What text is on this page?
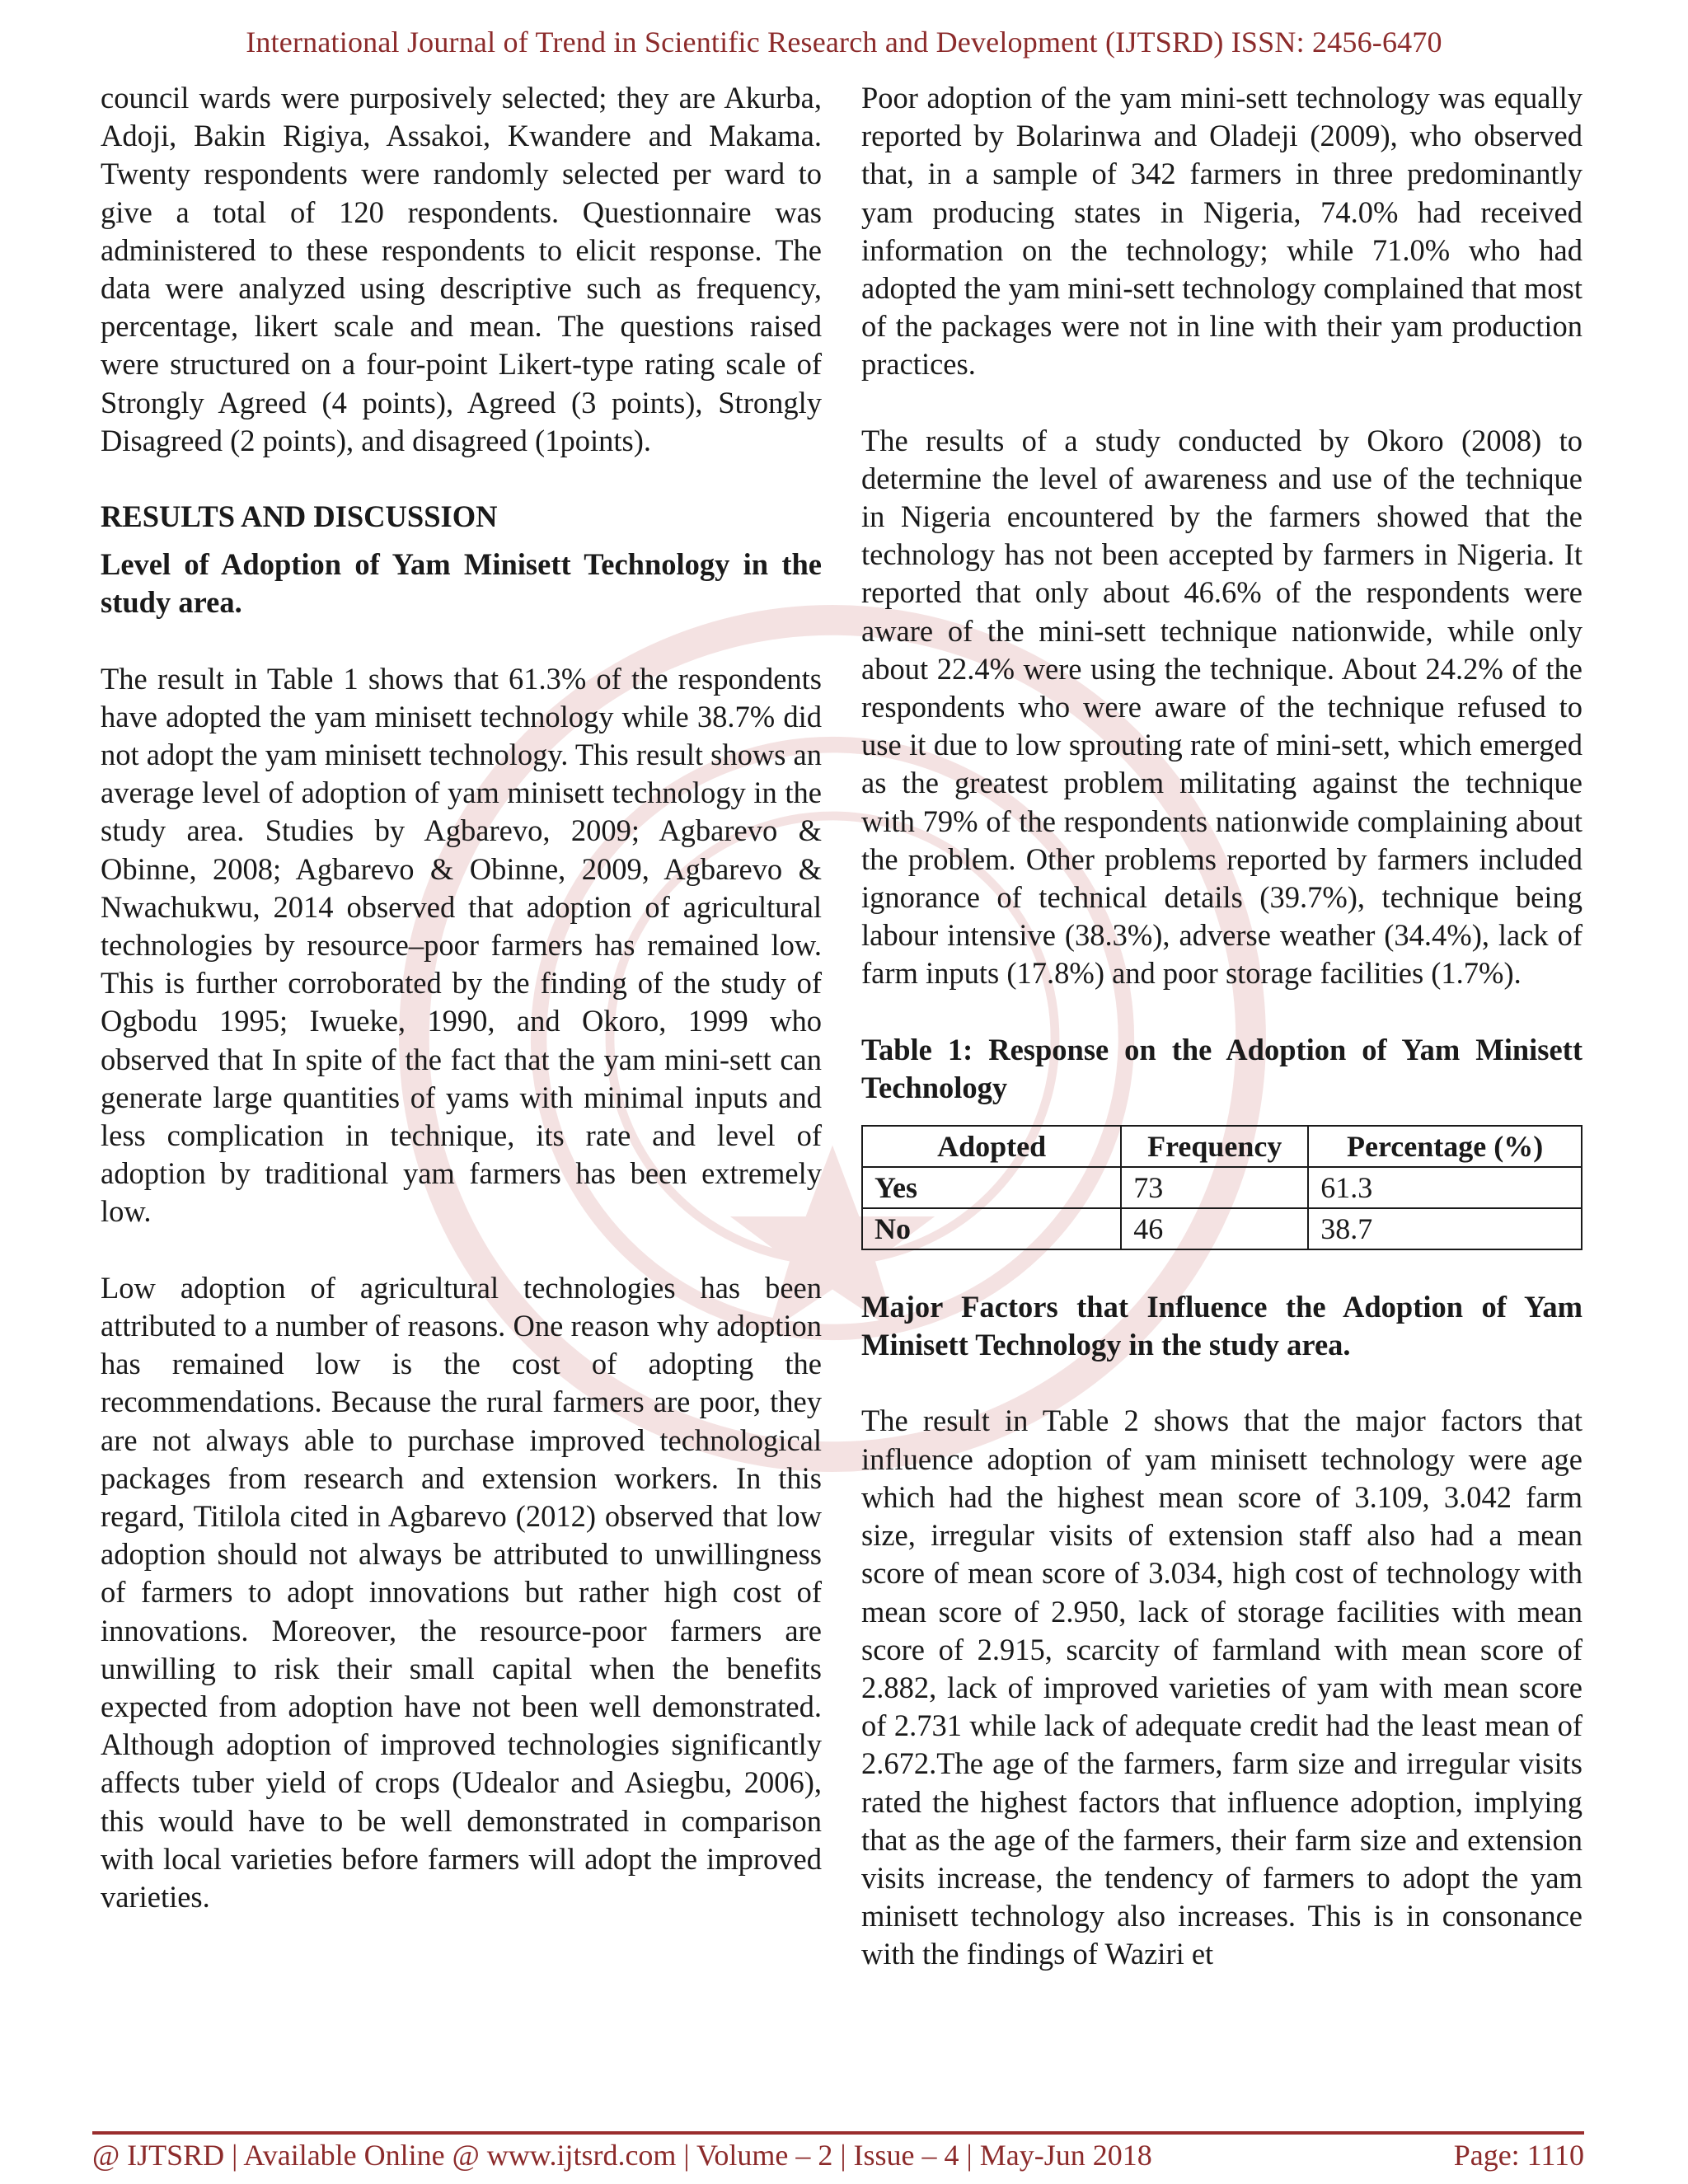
International Journal of Trend in Scientific Research and Development (IJTSRD) ISSN: 2456-6470

council wards were purposively selected; they are Akurba, Adoji, Bakin Rigiya, Assakoi, Kwandere and Makama. Twenty respondents were randomly selected per ward to give a total of 120 respondents. Questionnaire was administered to these respondents to elicit response. The data were analyzed using descriptive such as frequency, percentage, likert scale and mean. The questions raised were structured on a four-point Likert-type rating scale of Strongly Agreed (4 points), Agreed (3 points), Strongly Disagreed (2 points), and disagreed (1points).

RESULTS AND DISCUSSION

Level of Adoption of Yam Minisett Technology in the study area.

The result in Table 1 shows that 61.3% of the respondents have adopted the yam minisett technology while 38.7% did not adopt the yam minisett technology. This result shows an average level of adoption of yam minisett technology in the study area. Studies by Agbarevo, 2009; Agbarevo & Obinne, 2008; Agbarevo & Obinne, 2009, Agbarevo & Nwachukwu, 2014 observed that adoption of agricultural technologies by resource–poor farmers has remained low. This is further corroborated by the finding of the study of Ogbodu 1995; Iwueke, 1990, and Okoro, 1999 who observed that In spite of the fact that the yam mini-sett can generate large quantities of yams with minimal inputs and less complication in technique, its rate and level of adoption by traditional yam farmers has been extremely low.

Low adoption of agricultural technologies has been attributed to a number of reasons. One reason why adoption has remained low is the cost of adopting the recommendations. Because the rural farmers are poor, they are not always able to purchase improved technological packages from research and extension workers. In this regard, Titilola cited in Agbarevo (2012) observed that low adoption should not always be attributed to unwillingness of farmers to adopt innovations but rather high cost of innovations. Moreover, the resource-poor farmers are unwilling to risk their small capital when the benefits expected from adoption have not been well demonstrated. Although adoption of improved technologies significantly affects tuber yield of crops (Udealor and Asiegbu, 2006), this would have to be well demonstrated in comparison with local varieties before farmers will adopt the improved varieties.

Poor adoption of the yam mini-sett technology was equally reported by Bolarinwa and Oladeji (2009), who observed that, in a sample of 342 farmers in three predominantly yam producing states in Nigeria, 74.0% had received information on the technology; while 71.0% who had adopted the yam mini-sett technology complained that most of the packages were not in line with their yam production practices.

The results of a study conducted by Okoro (2008) to determine the level of awareness and use of the technique in Nigeria encountered by the farmers showed that the technology has not been accepted by farmers in Nigeria. It reported that only about 46.6% of the respondents were aware of the mini-sett technique nationwide, while only about 22.4% were using the technique. About 24.2% of the respondents who were aware of the technique refused to use it due to low sprouting rate of mini-sett, which emerged as the greatest problem militating against the technique with 79% of the respondents nationwide complaining about the problem. Other problems reported by farmers included ignorance of technical details (39.7%), technique being labour intensive (38.3%), adverse weather (34.4%), lack of farm inputs (17.8%) and poor storage facilities (1.7%).

Table 1: Response on the Adoption of Yam Minisett Technology

Adopted	Frequency	Percentage (%)
Yes	73	61.3
No	46	38.7

Major Factors that Influence the Adoption of Yam Minisett Technology in the study area.

The result in Table 2 shows that the major factors that influence adoption of yam minisett technology were age which had the highest mean score of 3.109, 3.042 farm size, irregular visits of extension staff also had a mean score of mean score of 3.034, high cost of technology with mean score of 2.950, lack of storage facilities with mean score of 2.915, scarcity of farmland with mean score of 2.882, lack of improved varieties of yam with mean score of 2.731 while lack of adequate credit had the least mean of 2.672.The age of the farmers, farm size and irregular visits rated the highest factors that influence adoption, implying that as the age of the farmers, their farm size and extension visits increase, the tendency of farmers to adopt the yam minisett technology also increases. This is in consonance with the findings of Waziri et

@ IJTSRD | Available Online @ www.ijtsrd.com | Volume – 2 | Issue – 4 | May-Jun 2018	Page: 1110
